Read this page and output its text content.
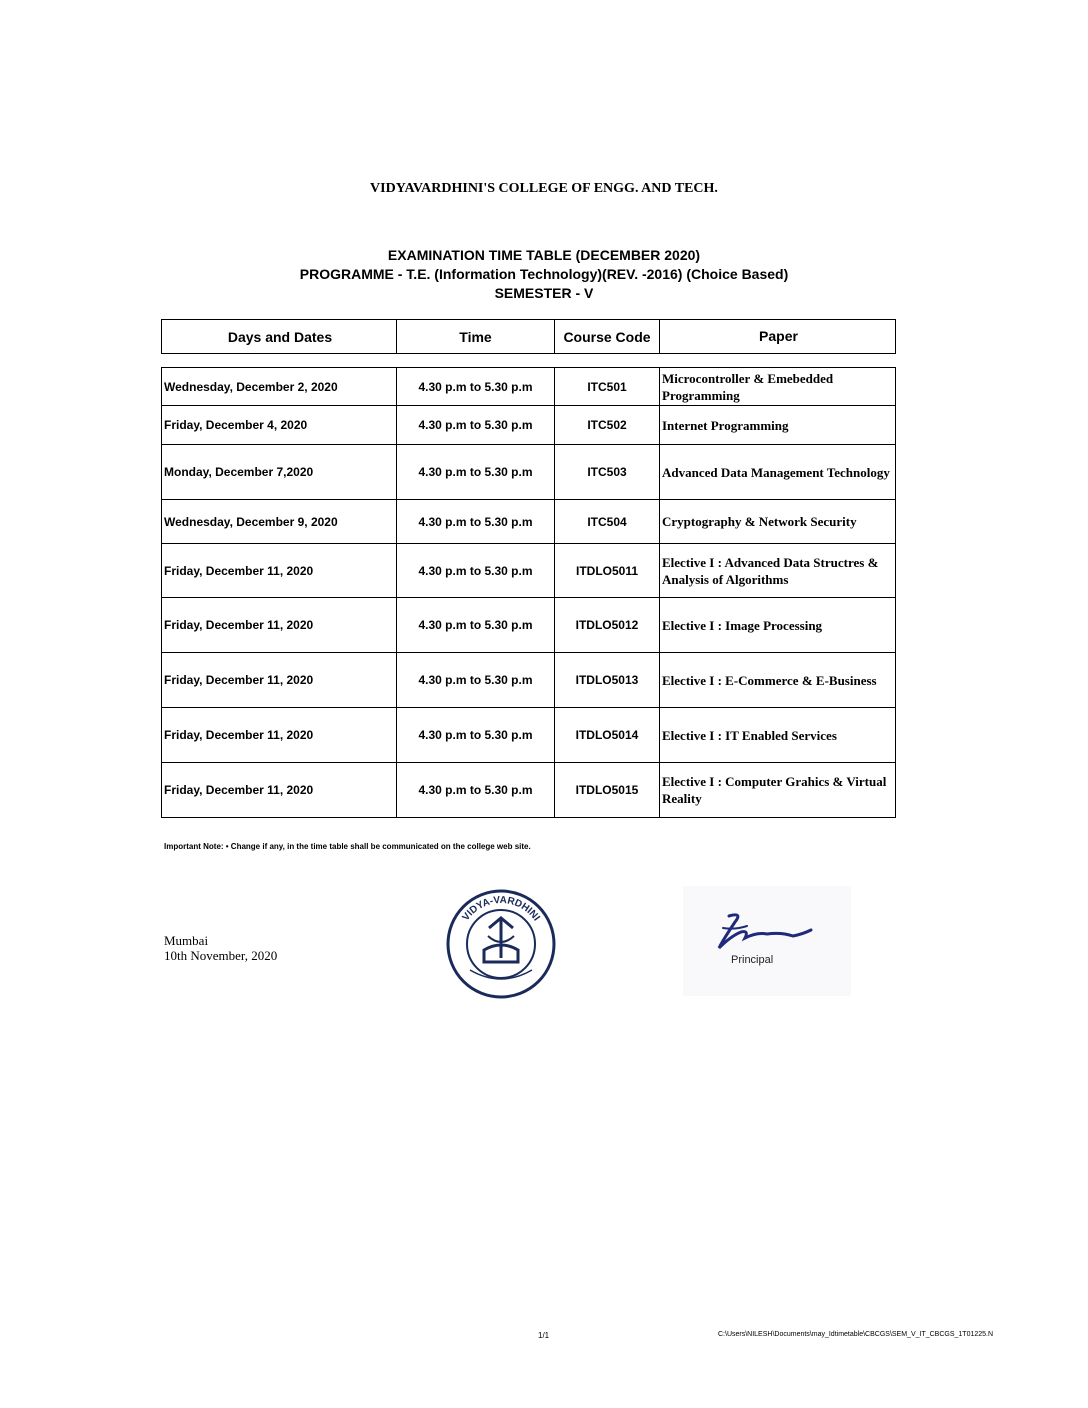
VIDYAVARDHINI'S COLLEGE OF ENGG. AND TECH.
EXAMINATION TIME TABLE (DECEMBER 2020)
PROGRAMME - T.E. (Information Technology)(REV. -2016) (Choice Based)
SEMESTER - V
Days and Dates	Time	Course Code	Paper
Wednesday, December 2, 2020	4.30 p.m to 5.30 p.m	ITC501	Microcontroller & Emebedded Programming
Friday, December 4, 2020	4.30 p.m to 5.30 p.m	ITC502	Internet Programming
Monday, December 7,2020	4.30 p.m to 5.30 p.m	ITC503	Advanced Data Management Technology
Wednesday, December 9, 2020	4.30 p.m to 5.30 p.m	ITC504	Cryptography & Network Security
Friday, December 11, 2020	4.30 p.m to 5.30 p.m	ITDLO5011	Elective I : Advanced Data Structres & Analysis of Algorithms
Friday, December 11, 2020	4.30 p.m to 5.30 p.m	ITDLO5012	Elective I : Image Processing
Friday, December 11, 2020	4.30 p.m to 5.30 p.m	ITDLO5013	Elective I : E-Commerce & E-Business
Friday, December 11, 2020	4.30 p.m to 5.30 p.m	ITDLO5014	Elective I : IT Enabled Services
Friday, December 11, 2020	4.30 p.m to 5.30 p.m	ITDLO5015	Elective I : Computer Grahics & Virtual Reality
Important Note: • Change if any, in the time table shall be communicated on the college web site.
Mumbai
10th November, 2020
VIDYA-VARDHINI
Principal
1/1	C:\Users\NILESH\Documents\may_Idtimetable\CBCGS\SEM_V_IT_CBCGS_1T01225.N
